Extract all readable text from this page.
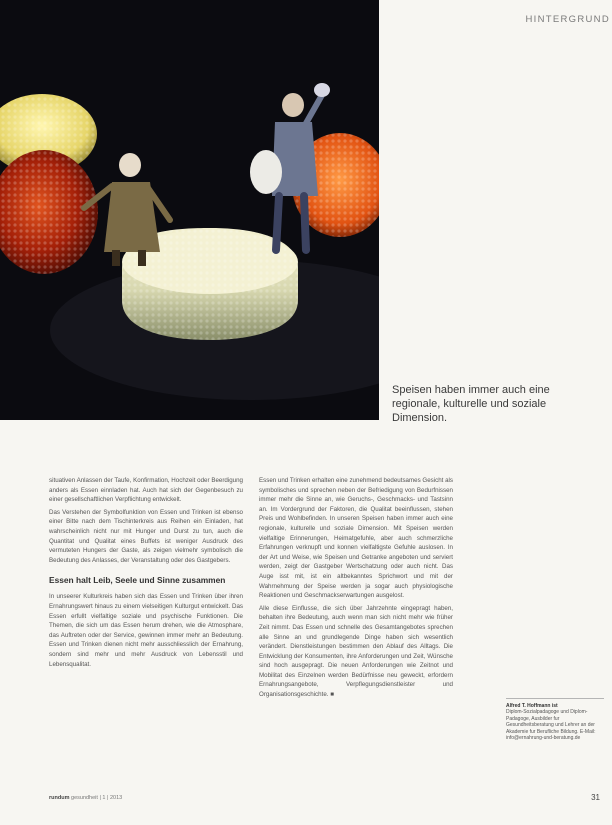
HINTERGRUND
Speisen haben immer auch eine regionale, kulturelle und soziale Dimension.

situativen Anlassen der Taufe, Konfirmation, Hochzeit oder Beerdigung anders als Essen einnladen hat. Auch hat sich der Gegenbesuch zu einer gesellschaftlichen Verpflichtung entwickelt.

Das Verstehen der Symbolfunktion von Essen und Trinken ist ebenso einer Bitte nach dem Tischinterkreis aus Reihen ein Einladen, hat wahrscheinlich nicht nur mit Hunger und Durst zu tun, auch die Quantitat und Qualitat eines Buffets ist weniger Ausdruck des vermuteten Hungers der Gaste, als zeigen vielmehr symbolisch die Bedeutung des Anlasses, der Veranstaltung oder des Gastgebers.

Essen halt Leib, Seele und Sinne zusammen

In unseerer Kulturkreis haben sich das Essen und Trinken über ihren Ernahrungswert hinaus zu einem vielseitigen Kulturgut entwickelt. Das Essen erfullt vielfaltige soziale und psychische Funktionen. Die Themen, die sich um das Essen herum drehen, wie die Atmosphare, das Auftreten oder der Service, gewinnen immer mehr an Bedeutung. Essen und Trinken dienen nicht mehr ausschliesslich der Ernahrung, sondern sind mehr und mehr Ausdruck von Lebensstil und Lebensqualitat.

Essen und Trinken erhalten eine zunehmend bedeutsames Gesicht als symbolisches und sprechen neben der Befriedigung von Bedurfnissen immer mehr die Sinne an, wie Geruchs-, Geschmacks- und Tastsinn an. Im Vordergrund der Faktoren, die Qualitat beeinflussen, stehen Preis und Wohlbefinden. In unseren Speisen haben immer auch eine regionale, kulturelle und soziale Dimension. Mit Speisen werden vielfaltige Erinnerungen, Heimatgefuhle, aber auch schmerzliche Erfahrungen verknupft und konnen vielfaltigste Gefuhle auslosen. In der Art und Weise, wie Speisen und Getranke angeboten und serviert werden, zeigt der Gastgeber Wertschatzung oder auch nicht. Das Auge isst mit, ist ein altbekanntes Sprichwort und mit der Wahrnehmung der Speise werden ja sogar auch physiologische Reaktionen und Geschmackserwartungen ausgelost.

Alle diese Einflusse, die sich über Jahrzehnte eingepragt haben, behalten ihre Bedeutung, auch wenn man sich nicht mehr wie früher Zeit nimmt. Das Essen und schnelle des Gesamtangebotes sprechen alle Sinne an und grundlegende Dinge haben sich wesentlich verändert. Dienstleistungen bestimmen den Ablauf des Alltags. Die Entwicklung der Konsumenten, ihre Anforderungen und Zeit, Wünsche sind hoch ausgepragt. Die neuen Anforderungen wie Zeitnot und Mobilitat des Einzelnen werden Bedürfnisse neu geweckt, erfordern Ernahrungsangebote, Verpflegungsdienstleister und Organisationsgeschichte. ■

Alfred T. Hoffmann ist
Diplom-Sozialpadagoge und Diplom-Padagoge, Ausbilder fur Gesundheitsberatung und Lehrer an der Akademie fur Berufliche Bildung. E-Mail: info@ernahrung-und-beratung.de
rundum gesundheit | 1 | 2013	31
